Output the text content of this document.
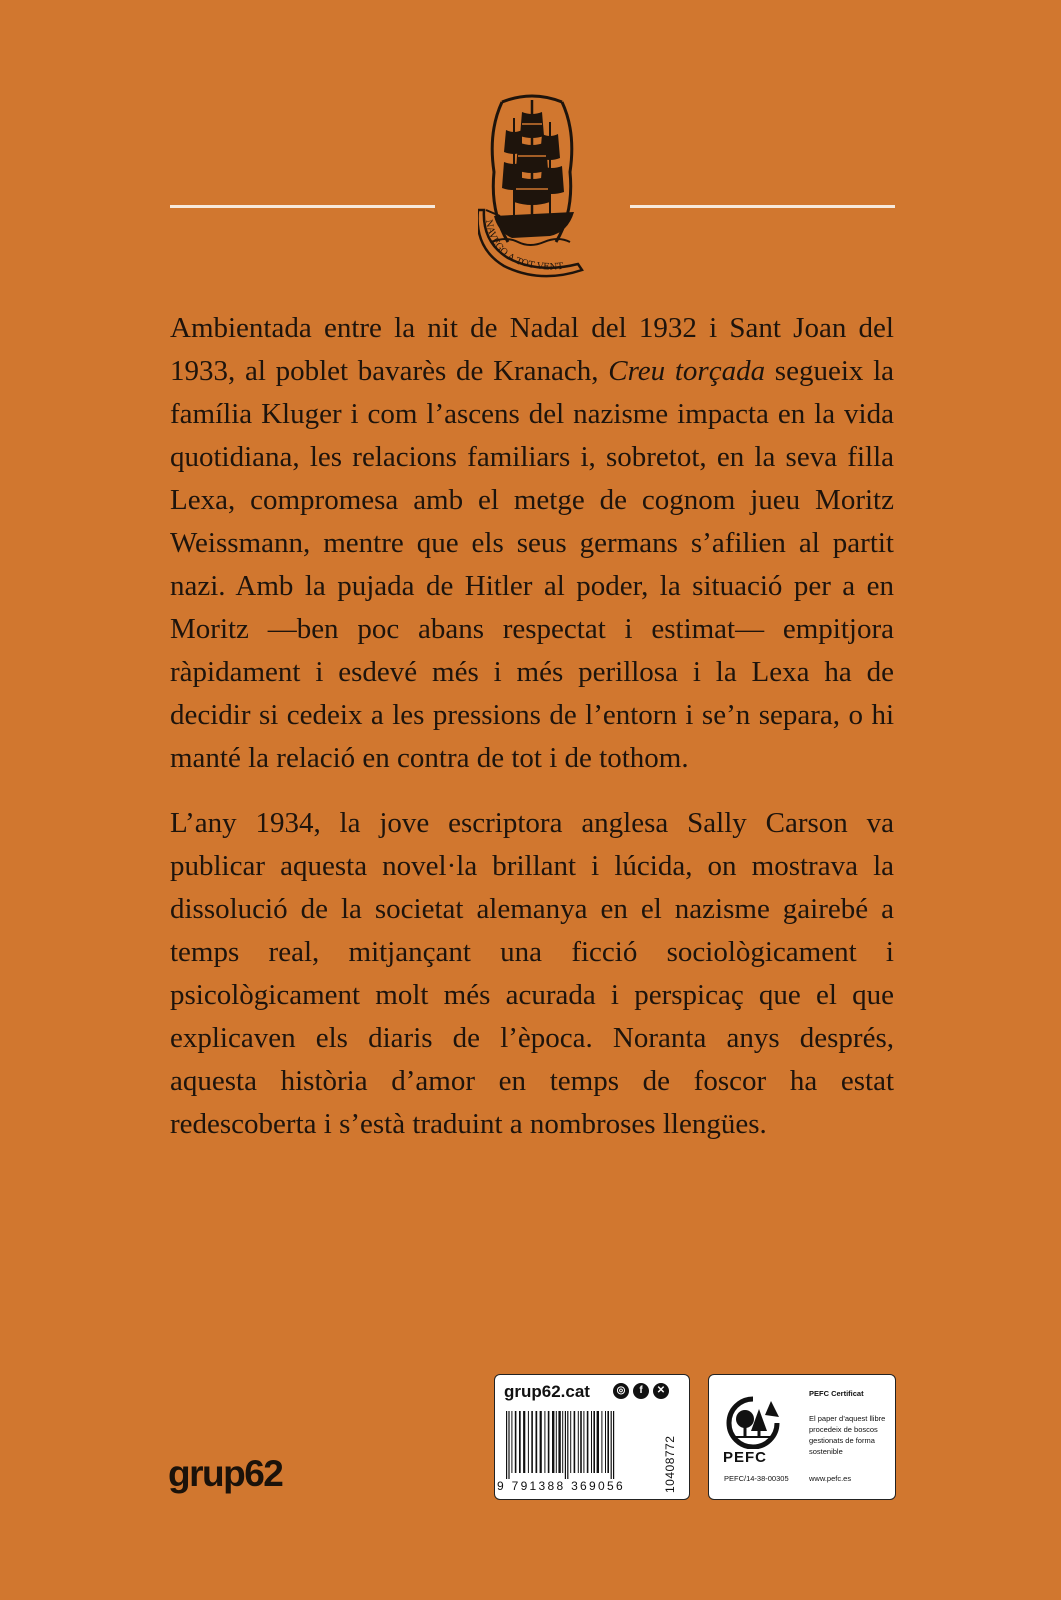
NAVEGO A TOT VENT

Ambientada entre la nit de Nadal del 1932 i Sant Joan del 1933, al poblet bavarès de Kranach, Creu torçada segueix la família Kluger i com l’ascens del nazisme impacta en la vida quotidiana, les relacions familiars i, sobretot, en la seva filla Lexa, compromesa amb el metge de cognom jueu Moritz Weissmann, mentre que els seus germans s’afilien al partit nazi. Amb la pujada de Hitler al poder, la situació per a en Moritz —ben poc abans respectat i estimat— empitjora ràpidament i esdevé més i més perillosa i la Lexa ha de decidir si cedeix a les pressions de l’entorn i se’n separa, o hi manté la relació en contra de tot i de tothom.

L’any 1934, la jove escriptora anglesa Sally Carson va publicar aquesta novel·la brillant i lúcida, on mostrava la dissolució de la societat alemanya en el nazisme gairebé a temps real, mitjançant una ficció sociològicament i psicològicament molt més acurada i perspicaç que el que explicaven els diaris de l’època. Noranta anys després, aquesta història d’amor en temps de foscor ha estat redescoberta i s’està traduint a nombroses llengües.

grup62
grup62.cat	◎	f	✕
9 791388 369056	10408772	PEFC
PEFC/14-38-00305
PEFC Certificat
El paper d’aquest llibre procedeix de boscos gestionats de forma sostenible
www.pefc.es
